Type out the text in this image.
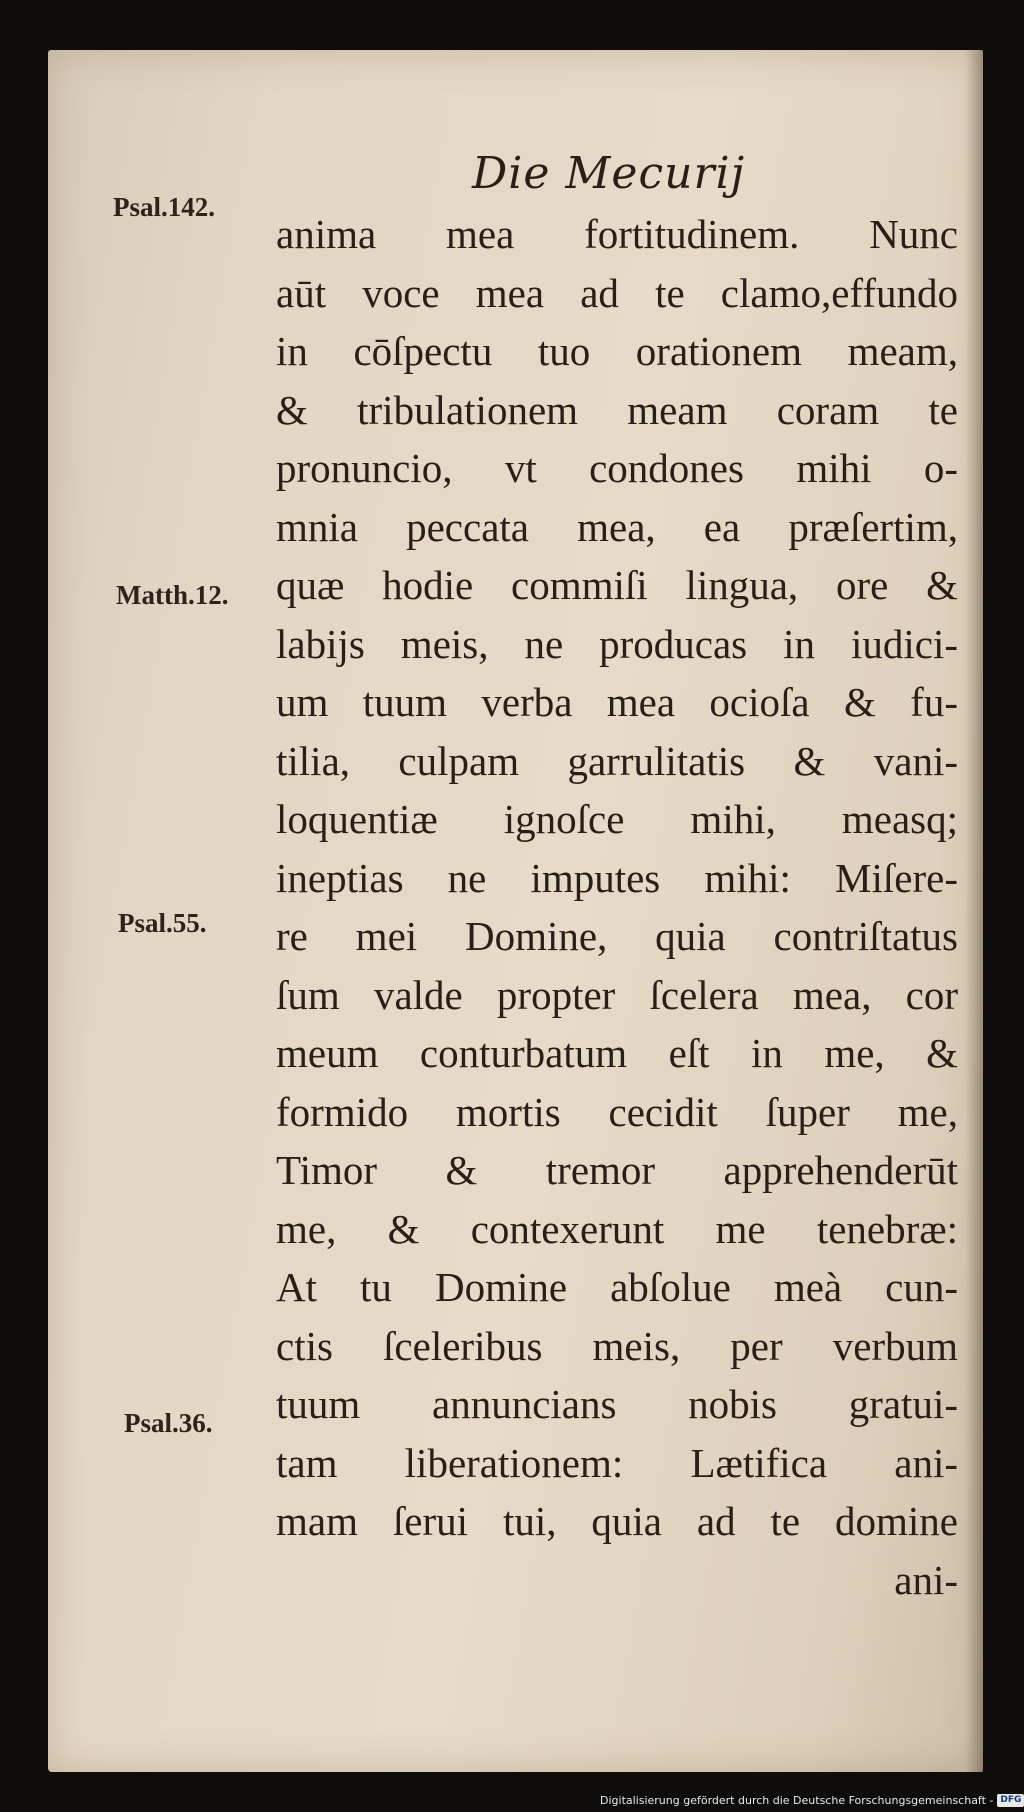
Die Mecurij
Psal.142.
Matth.12.
Psal.55.
Psal.36.
anima mea fortitudinem. Nunc
aūt voce mea ad te clamo,effundo
in cōſpectu tuo orationem meam,
& tribulationem meam coram te
pronuncio, vt condones mihi o-
mnia peccata mea, ea præſertim,
quæ hodie commiſi lingua, ore &
labijs meis, ne producas in iudici-
um tuum verba mea ocioſa & fu-
tilia, culpam garrulitatis & vani-
loquentiæ ignoſce mihi, measq;
ineptias ne imputes mihi: Miſere-
re mei Domine, quia contriſtatus
ſum valde propter ſcelera mea, cor
meum conturbatum eſt in me, &
formido mortis cecidit ſuper me,
Timor & tremor apprehenderūt
me, & contexerunt me tenebræ:
At tu Domine abſolue meà cun-
ctis ſceleribus meis, per verbum
tuum annuncians nobis gratui-
tam liberationem: Lætifica ani-
mam ſerui tui, quia ad te domine
ani-
Digitalisierung gefördert durch die Deutsche Forschungsgemeinschaft - DFG
